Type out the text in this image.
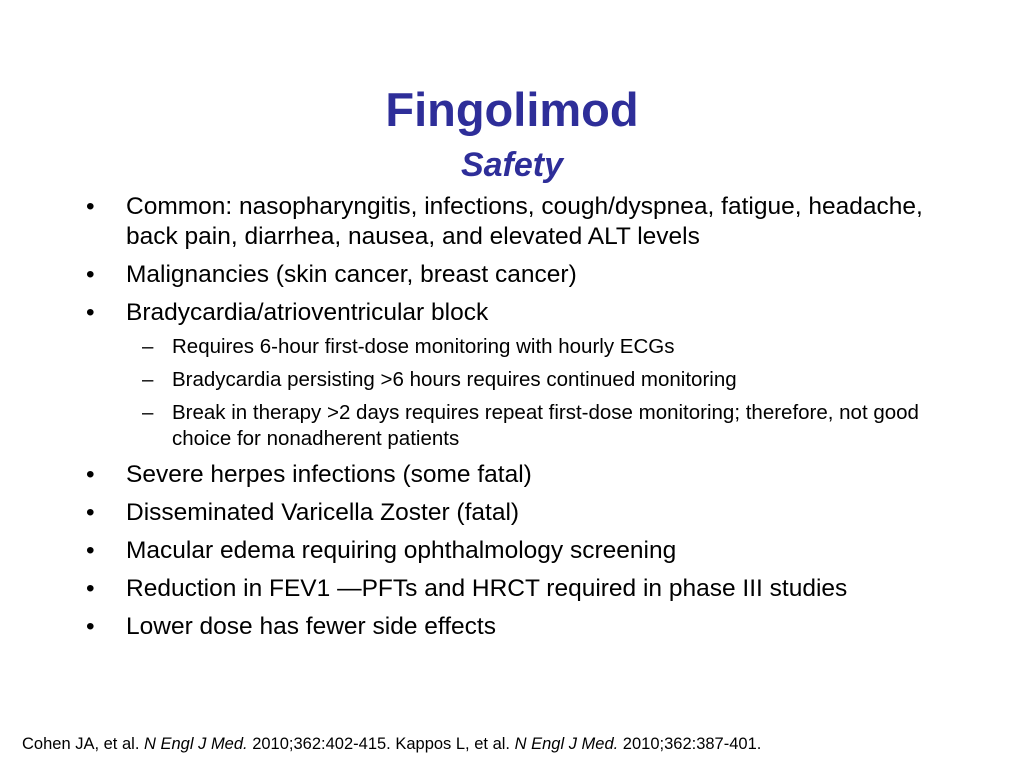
Fingolimod
Safety
• Common: nasopharyngitis, infections, cough/dyspnea, fatigue, headache, back pain, diarrhea, nausea, and elevated ALT levels
• Malignancies (skin cancer, breast cancer)
• Bradycardia/atrioventricular block
– Requires 6-hour first-dose monitoring with hourly ECGs
– Bradycardia persisting >6 hours requires continued monitoring
– Break in therapy >2 days requires repeat first-dose monitoring; therefore, not good choice for nonadherent patients
• Severe herpes infections (some fatal)
• Disseminated Varicella Zoster (fatal)
• Macular edema requiring ophthalmology screening
• Reduction in FEV1 —PFTs and HRCT required in phase III studies
• Lower dose has fewer side effects
Cohen JA, et al. N Engl J Med. 2010;362:402-415. Kappos L, et al. N Engl J Med. 2010;362:387-401.
